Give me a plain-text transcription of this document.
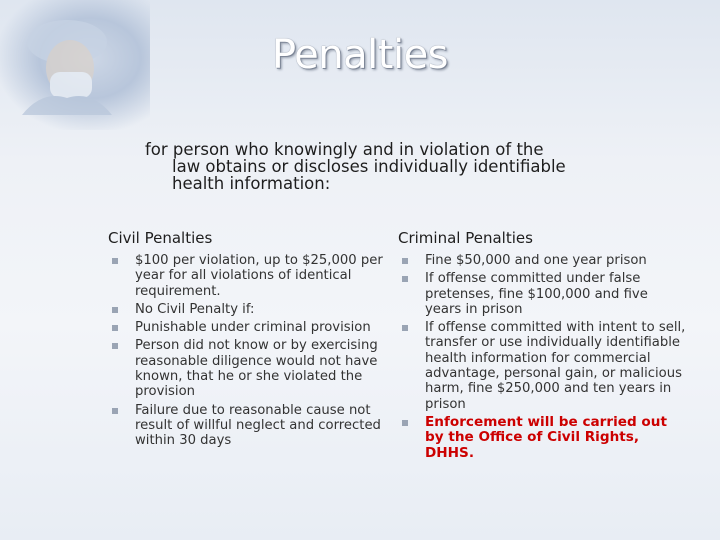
Penalties
for person who knowingly and in violation of the
law obtains or discloses individually identifiable
health information:
Civil Penalties
$100 per violation, up to $25,000 per year for all violations of identical requirement.
No Civil Penalty if:
Punishable under criminal provision
Person did not know or by exercising reasonable diligence would not have known, that he or she violated the provision
Failure due to reasonable cause not result of willful neglect and corrected within 30 days
Criminal Penalties
Fine $50,000 and one year prison
If offense committed under false pretenses, fine $100,000 and five years in prison
If offense committed with intent to sell, transfer or use individually identifiable health information for commercial advantage, personal gain, or malicious harm, fine $250,000 and ten years in prison
Enforcement will be carried out by the Office of Civil Rights, DHHS.
